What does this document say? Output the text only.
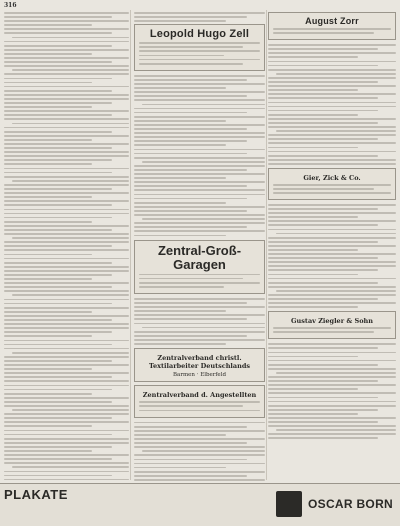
316
Leopold Hugo Zell
Zentral-Groß-Garagen
Zentralverband christl. Textilarbeiter Deutschlands
Barmen · Elberfeld
Zentralverband d. Angestellten
August Zorr
Gier, Zick & Co.
Gustav Ziegler & Sohn
PLAKATE
OSCAR BORN
